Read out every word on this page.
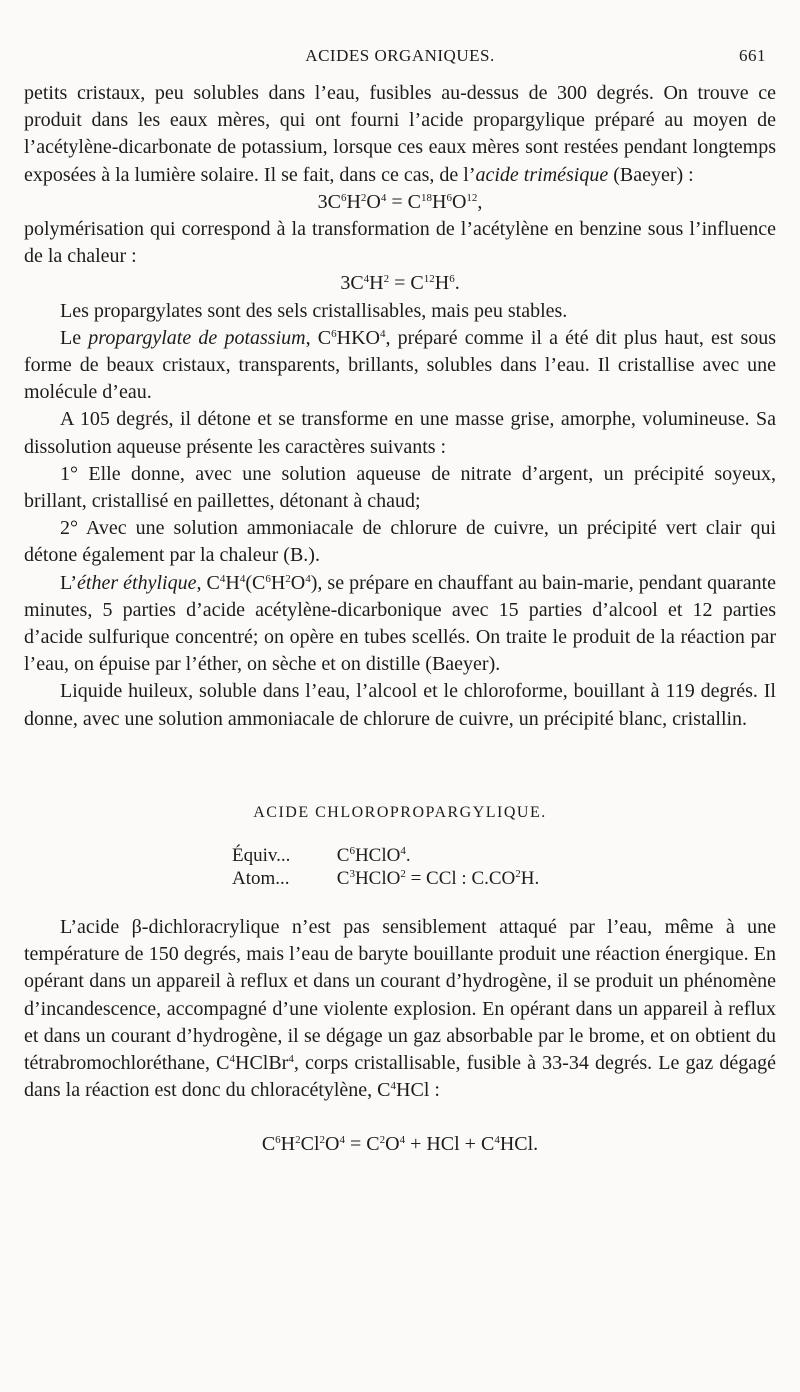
ACIDES ORGANIQUES.	661

petits cristaux, peu solubles dans l’eau, fusibles au-dessus de 300 degrés. On trouve ce produit dans les eaux mères, qui ont fourni l’acide propargylique préparé au moyen de l’acétylène-dicarbonate de potassium, lorsque ces eaux mères sont restées pendant longtemps exposées à la lumière solaire. Il se fait, dans ce cas, de l’acide trimésique (Baeyer) :

$3C^6H^2O^4 = C^{18}H^6O^{12}$,

polymérisation qui correspond à la transformation de l’acétylène en benzine sous l’influence de la chaleur :

$3C^4H^2 = C^{12}H^6$.

Les propargylates sont des sels cristallisables, mais peu stables.

Le propargylate de potassium, $C^6HKO^4$, préparé comme il a été dit plus haut, est sous forme de beaux cristaux, transparents, brillants, solubles dans l’eau. Il cristallise avec une molécule d’eau.

A 105 degrés, il détone et se transforme en une masse grise, amorphe, volumineuse. Sa dissolution aqueuse présente les caractères suivants :

1° Elle donne, avec une solution aqueuse de nitrate d’argent, un précipité soyeux, brillant, cristallisé en paillettes, détonant à chaud;

2° Avec une solution ammoniacale de chlorure de cuivre, un précipité vert clair qui détone également par la chaleur (B.).

L’éther éthylique, $C^4H^4(C^6H^2O^4)$, se prépare en chauffant au bain-marie, pendant quarante minutes, 5 parties d’acide acétylène-dicarbonique avec 15 parties d’alcool et 12 parties d’acide sulfurique concentré; on opère en tubes scellés. On traite le produit de la réaction par l’eau, on épuise par l’éther, on sèche et on distille (Baeyer).

Liquide huileux, soluble dans l’eau, l’alcool et le chloroforme, bouillant à 119 degrés. Il donne, avec une solution ammoniacale de chlorure de cuivre, un précipité blanc, cristallin.

ACIDE CHLOROPROPARGYLIQUE.
Équiv... $C^6HClO^4$.
Atom... $C^3HClO^2$ = CCl : $C.CO^2H$.

L’acide β-dichloracrylique n’est pas sensiblement attaqué par l’eau, même à une température de 150 degrés, mais l’eau de baryte bouillante produit une réaction énergique. En opérant dans un appareil à reflux et dans un courant d’hydrogène, il se produit un phénomène d’incandescence, accompagné d’une violente explosion. En opérant dans un appareil à reflux et dans un courant d’hydrogène, il se dégage un gaz absorbable par le brome, et on obtient du tétrabromochloréthane, $C^4HClBr^4$, corps cristallisable, fusible à 33-34 degrés. Le gaz dégagé dans la réaction est donc du chloracétylène, $C^4HCl$ :

$C^6H^2Cl^2O^4 = C^2O^4$ + HCl + $C^4HCl$.
